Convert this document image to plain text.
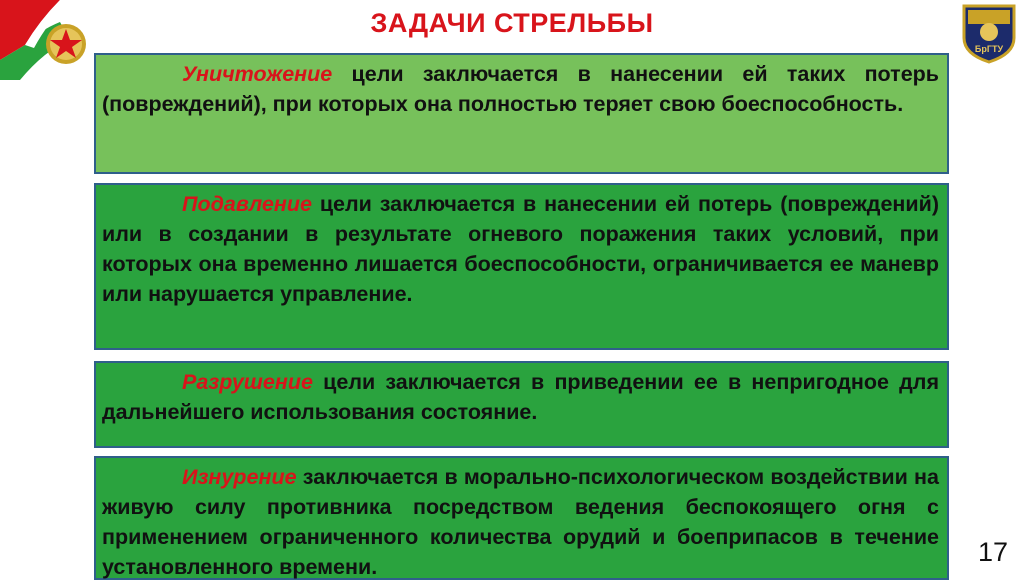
БрГТУ
ЗАДАЧИ СТРЕЛЬБЫ
Уничтожение цели заключается в нанесении ей таких потерь (повреждений), при которых она полностью теряет свою боеспособность.
Подавление цели заключается в нанесении ей потерь (повреждений) или в создании в результате огневого поражения таких условий, при которых она временно лишается боеспособности, ограничивается ее маневр или нарушается управление.
Разрушение цели заключается в приведении ее в непригодное для дальнейшего использования состояние.
Изнурение заключается в морально-психологическом воздействии на живую силу противника посредством ведения беспокоящего огня с применением ограниченного количества орудий и боеприпасов в течение установленного времени.	17
